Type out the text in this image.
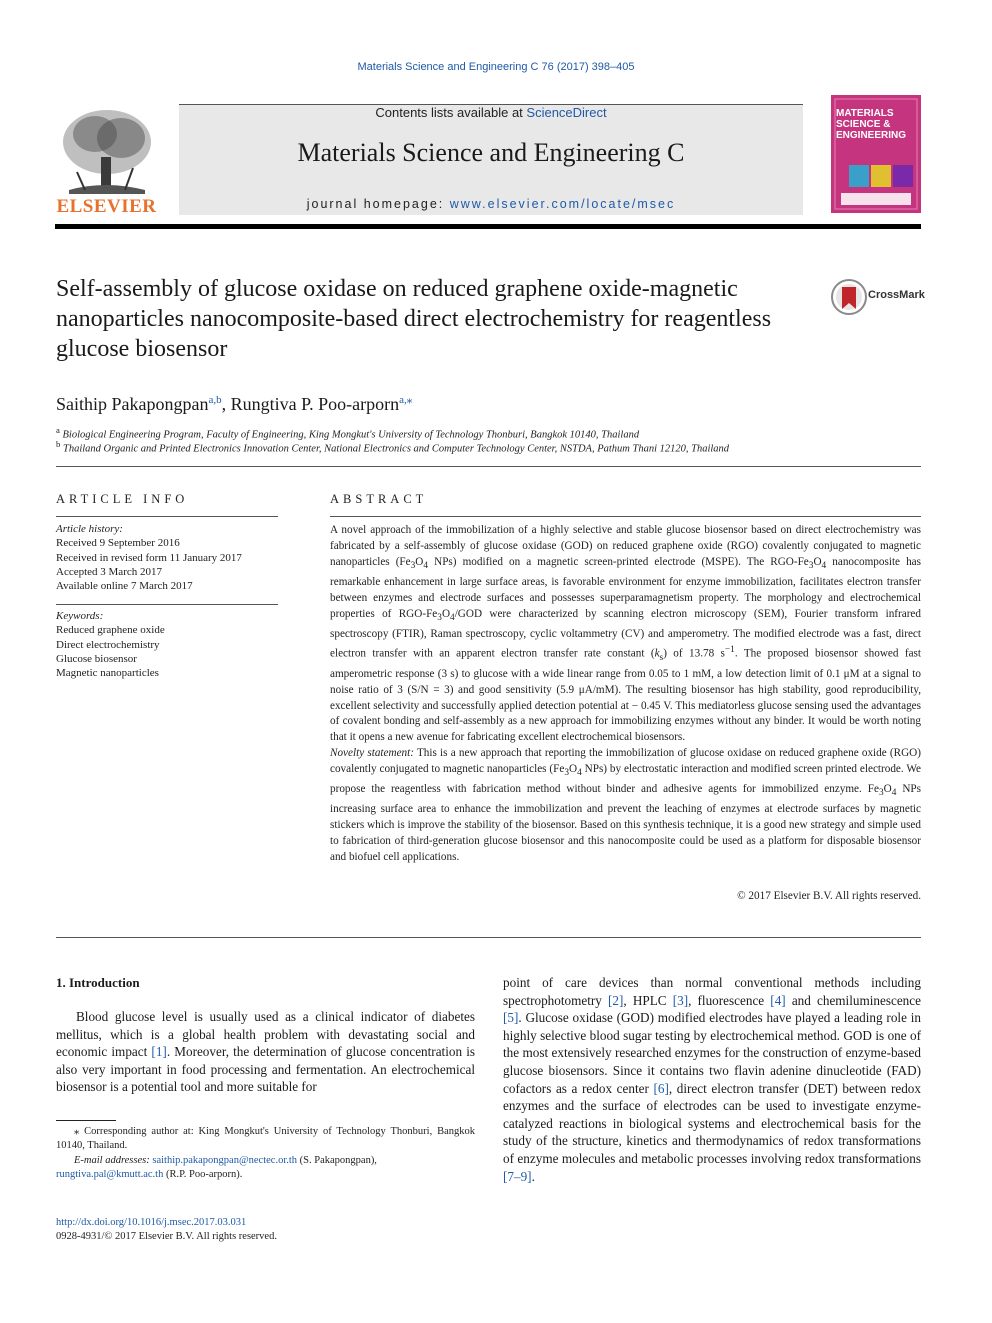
Materials Science and Engineering C 76 (2017) 398–405
ELSEVIER
Contents lists available at ScienceDirect
Materials Science and Engineering C
journal homepage: www.elsevier.com/locate/msec
MATERIALS SCIENCE & ENGINEERING
Self-assembly of glucose oxidase on reduced graphene oxide-magnetic nanoparticles nanocomposite-based direct electrochemistry for reagentless glucose biosensor
CrossMark
Saithip Pakapongpan$^{a,b}$, Rungtiva P. Poo-arporn$^{a,⁎}$
$^a$ Biological Engineering Program, Faculty of Engineering, King Mongkut's University of Technology Thonburi, Bangkok 10140, Thailand
$^b$ Thailand Organic and Printed Electronics Innovation Center, National Electronics and Computer Technology Center, NSTDA, Pathum Thani 12120, Thailand
ARTICLE INFO
Article history:
Received 9 September 2016
Received in revised form 11 January 2017
Accepted 3 March 2017
Available online 7 March 2017
Keywords:
Reduced graphene oxide
Direct electrochemistry
Glucose biosensor
Magnetic nanoparticles
ABSTRACT

A novel approach of the immobilization of a highly selective and stable glucose biosensor based on direct electrochemistry was fabricated by a self-assembly of glucose oxidase (GOD) on reduced graphene oxide (RGO) covalently conjugated to magnetic nanoparticles ($Fe_3O_4$ NPs) modified on a magnetic screen-printed electrode (MSPE). The RGO-$Fe_3O_4$ nanocomposite has remarkable enhancement in large surface areas, is favorable environment for enzyme immobilization, facilitates electron transfer between enzymes and electrode surfaces and possesses superparamagnetism property. The morphology and electrochemical properties of RGO-$Fe_3O_4$/GOD were characterized by scanning electron microscopy (SEM), Fourier transform infrared spectroscopy (FTIR), Raman spectroscopy, cyclic voltammetry (CV) and amperometry. The modified electrode was a fast, direct electron transfer with an apparent electron transfer rate constant $(k_s)$ of 13.78 $s^{-1}$. The proposed biosensor showed fast amperometric response (3 s) to glucose with a wide linear range from 0.05 to 1 mM, a low detection limit of 0.1 μM at a signal to noise ratio of 3 (S/N = 3) and good sensitivity (5.9 μA/mM). The resulting biosensor has high stability, good reproducibility, excellent selectivity and successfully applied detection potential at − 0.45 V. This mediatorless glucose sensing used the advantages of covalent bonding and self-assembly as a new approach for immobilizing enzymes without any binder. It would be worth noting that it opens a new avenue for fabricating excellent electrochemical biosensors.

Novelty statement: This is a new approach that reporting the immobilization of glucose oxidase on reduced graphene oxide (RGO) covalently conjugated to magnetic nanoparticles ($Fe_3O_4$ NPs) by electrostatic interaction and modified screen printed electrode. We propose the reagentless with fabrication method without binder and adhesive agents for immobilized enzyme. $Fe_3O_4$ NPs increasing surface area to enhance the immobilization and prevent the leaching of enzymes at electrode surfaces by magnetic stickers which is improve the stability of the biosensor. Based on this synthesis technique, it is a good new strategy and simple used to fabrication of third-generation glucose biosensor and this nanocomposite could be used as a platform for disposable biosensor and biofuel cell applications.

© 2017 Elsevier B.V. All rights reserved.
1. Introduction

Blood glucose level is usually used as a clinical indicator of diabetes mellitus, which is a global health problem with devastating social and economic impact [1]. Moreover, the determination of glucose concentration is also very important in food processing and fermentation. An electrochemical biosensor is a potential tool and more suitable for

point of care devices than normal conventional methods including spectrophotometry [2], HPLC [3], fluorescence [4] and chemiluminescence [5]. Glucose oxidase (GOD) modified electrodes have played a leading role in highly selective blood sugar testing by electrochemical method. GOD is one of the most extensively researched enzymes for the construction of enzyme-based glucose biosensors. Since it contains two flavin adenine dinucleotide (FAD) cofactors as a redox center [6], direct electron transfer (DET) between redox enzymes and the surface of electrodes can be used to investigate enzyme-catalyzed reactions in biological systems and electrochemical basis for the study of the structure, kinetics and thermodynamics of redox transformations of enzyme molecules and metabolic processes involving redox transformations [7–9].

⁎ Corresponding author at: King Mongkut's University of Technology Thonburi, Bangkok 10140, Thailand.
E-mail addresses: saithip.pakapongpan@nectec.or.th (S. Pakapongpan),
rungtiva.pal@kmutt.ac.th (R.P. Poo-arporn).
http://dx.doi.org/10.1016/j.msec.2017.03.031
0928-4931/© 2017 Elsevier B.V. All rights reserved.
